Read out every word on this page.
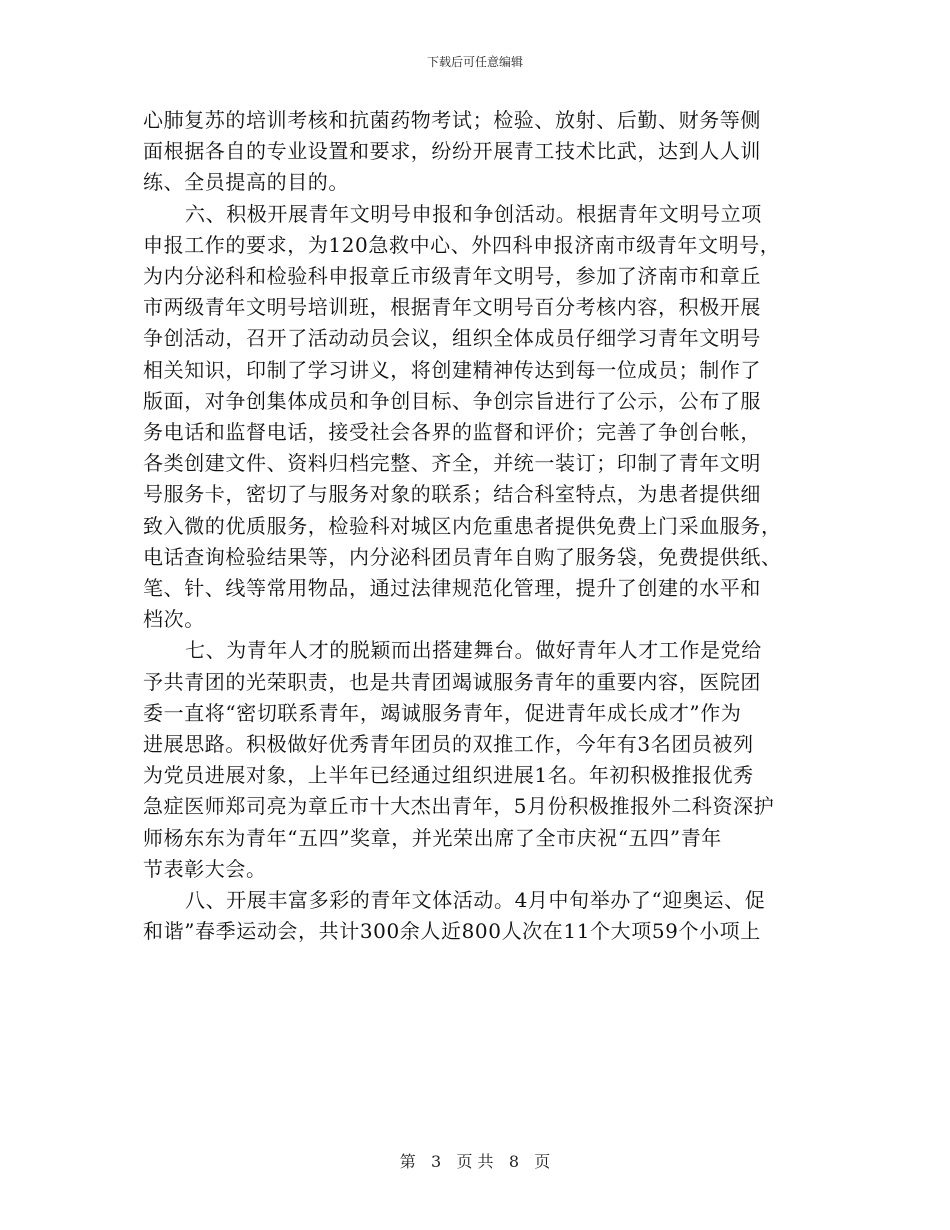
下载后可任意编辑
心肺复苏的培训考核和抗菌药物考试；检验、放射、后勤、财务等侧
面根据各自的专业设置和要求，纷纷开展青工技术比武，达到人人训
练、全员提高的目的。
六、积极开展青年文明号申报和争创活动。根据青年文明号立项
申报工作的要求，为120急救中心、外四科申报济南市级青年文明号，
为内分泌科和检验科申报章丘市级青年文明号，参加了济南市和章丘
市两级青年文明号培训班，根据青年文明号百分考核内容，积极开展
争创活动，召开了活动动员会议，组织全体成员仔细学习青年文明号
相关知识，印制了学习讲义，将创建精神传达到每一位成员；制作了
版面，对争创集体成员和争创目标、争创宗旨进行了公示，公布了服
务电话和监督电话，接受社会各界的监督和评价；完善了争创台帐，
各类创建文件、资料归档完整、齐全，并统一装订；印制了青年文明
号服务卡，密切了与服务对象的联系；结合科室特点，为患者提供细
致入微的优质服务，检验科对城区内危重患者提供免费上门采血服务，
电话查询检验结果等，内分泌科团员青年自购了服务袋，免费提供纸、
笔、针、线等常用物品，通过法律规范化管理，提升了创建的水平和
档次。
七、为青年人才的脱颖而出搭建舞台。做好青年人才工作是党给
予共青团的光荣职责，也是共青团竭诚服务青年的重要内容，医院团
委一直将“密切联系青年，竭诚服务青年，促进青年成长成才”作为
进展思路。积极做好优秀青年团员的双推工作，今年有3名团员被列
为党员进展对象，上半年已经通过组织进展1名。年初积极推报优秀
急症医师郑司亮为章丘市十大杰出青年，5月份积极推报外二科资深护
师杨东东为青年“五四”奖章，并光荣出席了全市庆祝“五四”青年
节表彰大会。
八、开展丰富多彩的青年文体活动。4月中旬举办了“迎奥运、促
和谐”春季运动会，共计300余人近800人次在11个大项59个小项上
第 3 页 共 8 页
